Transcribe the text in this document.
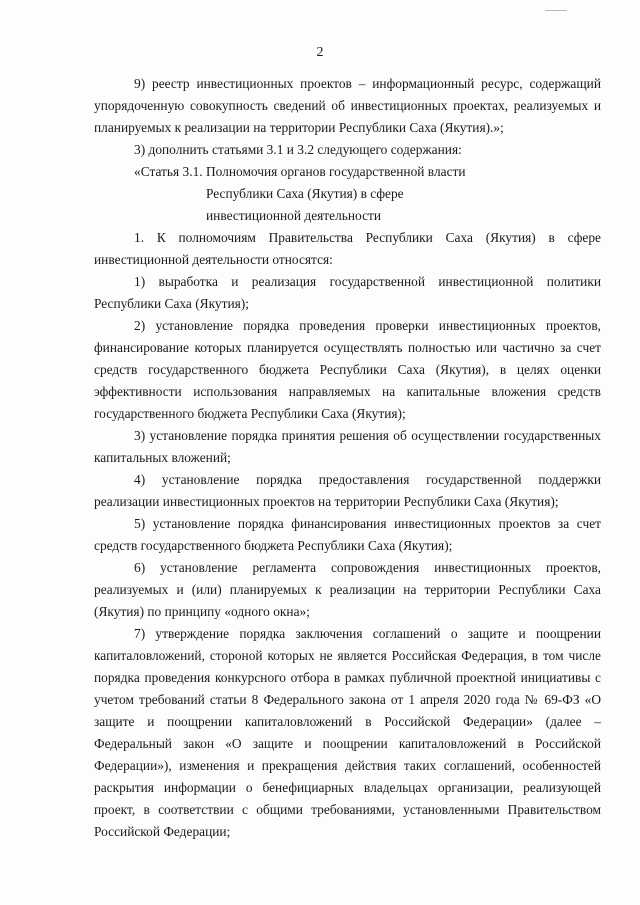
2

9) реестр инвестиционных проектов – информационный ресурс, содержащий упорядоченную совокупность сведений об инвестиционных проектах, реализуемых и планируемых к реализации на территории Республики Саха (Якутия).»;

3) дополнить статьями 3.1 и 3.2 следующего содержания:

«Статья 3.1. Полномочия органов государственной власти
Республики Саха (Якутия) в сфере
инвестиционной деятельности

1. К полномочиям Правительства Республики Саха (Якутия) в сфере инвестиционной деятельности относятся:

1) выработка и реализация государственной инвестиционной политики Республики Саха (Якутия);

2) установление порядка проведения проверки инвестиционных проектов, финансирование которых планируется осуществлять полностью или частично за счет средств государственного бюджета Республики Саха (Якутия), в целях оценки эффективности использования направляемых на капитальные вложения средств государственного бюджета Республики Саха (Якутия);

3) установление порядка принятия решения об осуществлении государственных капитальных вложений;

4) установление порядка предоставления государственной поддержки реализации инвестиционных проектов на территории Республики Саха (Якутия);

5) установление порядка финансирования инвестиционных проектов за счет средств государственного бюджета Республики Саха (Якутия);

6) установление регламента сопровождения инвестиционных проектов, реализуемых и (или) планируемых к реализации на территории Республики Саха (Якутия) по принципу «одного окна»;

7) утверждение порядка заключения соглашений о защите и поощрении капиталовложений, стороной которых не является Российская Федерация, в том числе порядка проведения конкурсного отбора в рамках публичной проектной инициативы с учетом требований статьи 8 Федерального закона от 1 апреля 2020 года № 69-ФЗ «О защите и поощрении капиталовложений в Российской Федерации» (далее – Федеральный закон «О защите и поощрении капиталовложений в Российской Федерации»), изменения и прекращения действия таких соглашений, особенностей раскрытия информации о бенефициарных владельцах организации, реализующей проект, в соответствии с общими требованиями, установленными Правительством Российской Федерации;
